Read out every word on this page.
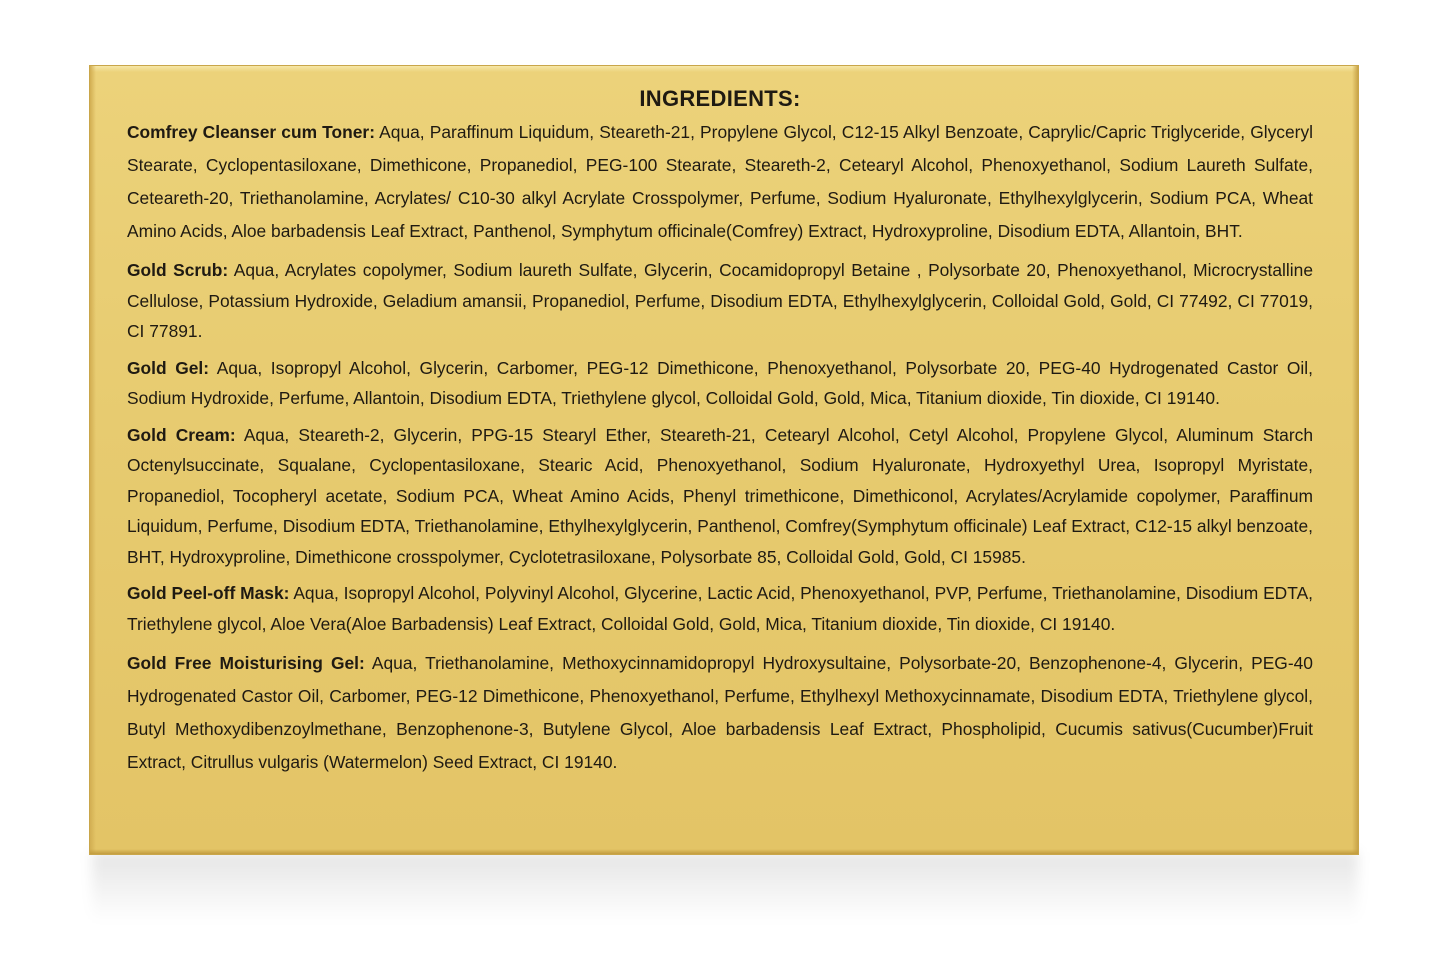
INGREDIENTS:

Comfrey Cleanser cum Toner: Aqua, Paraffinum Liquidum, Steareth-21, Propylene Glycol, C12-15 Alkyl Benzoate, Caprylic/Capric Triglyceride, Glyceryl Stearate, Cyclopentasiloxane, Dimethicone, Propanediol, PEG-100 Stearate, Steareth-2, Cetearyl Alcohol, Phenoxyethanol, Sodium Laureth Sulfate, Ceteareth-20, Triethanolamine, Acrylates/ C10-30 alkyl Acrylate Crosspolymer, Perfume, Sodium Hyaluronate, Ethylhexylglycerin, Sodium PCA, Wheat Amino Acids, Aloe barbadensis Leaf Extract, Panthenol, Symphytum officinale(Comfrey) Extract, Hydroxyproline, Disodium EDTA, Allantoin, BHT.

Gold Scrub: Aqua, Acrylates copolymer, Sodium laureth Sulfate, Glycerin, Cocamidopropyl Betaine , Polysorbate 20, Phenoxyethanol, Microcrystalline Cellulose, Potassium Hydroxide, Geladium amansii, Propanediol, Perfume, Disodium EDTA, Ethylhexylglycerin, Colloidal Gold, Gold, CI 77492, CI 77019, CI 77891.

Gold Gel: Aqua, Isopropyl Alcohol, Glycerin, Carbomer, PEG-12 Dimethicone, Phenoxyethanol, Polysorbate 20, PEG-40 Hydrogenated Castor Oil, Sodium Hydroxide, Perfume, Allantoin, Disodium EDTA, Triethylene glycol, Colloidal Gold, Gold, Mica, Titanium dioxide, Tin dioxide, CI 19140.

Gold Cream: Aqua, Steareth-2, Glycerin, PPG-15 Stearyl Ether, Steareth-21, Cetearyl Alcohol, Cetyl Alcohol, Propylene Glycol, Aluminum Starch Octenylsuccinate, Squalane, Cyclopentasiloxane, Stearic Acid, Phenoxyethanol, Sodium Hyaluronate, Hydroxyethyl Urea, Isopropyl Myristate, Propanediol, Tocopheryl acetate, Sodium PCA, Wheat Amino Acids, Phenyl trimethicone, Dimethiconol, Acrylates/Acrylamide copolymer, Paraffinum Liquidum, Perfume, Disodium EDTA, Triethanolamine, Ethylhexylglycerin, Panthenol, Comfrey(Symphytum officinale) Leaf Extract, C12-15 alkyl benzoate, BHT, Hydroxyproline, Dimethicone crosspolymer, Cyclotetrasiloxane, Polysorbate 85, Colloidal Gold, Gold, CI 15985.

Gold Peel-off Mask: Aqua, Isopropyl Alcohol, Polyvinyl Alcohol, Glycerine, Lactic Acid, Phenoxyethanol, PVP, Perfume, Triethanolamine, Disodium EDTA, Triethylene glycol, Aloe Vera(Aloe Barbadensis) Leaf Extract, Colloidal Gold, Gold, Mica, Titanium dioxide, Tin dioxide, CI 19140.

Gold Free Moisturising Gel: Aqua, Triethanolamine, Methoxycinnamidopropyl Hydroxysultaine, Polysorbate-20, Benzophenone-4, Glycerin, PEG-40 Hydrogenated Castor Oil, Carbomer, PEG-12 Dimethicone, Phenoxyethanol, Perfume, Ethylhexyl Methoxycinnamate, Disodium EDTA, Triethylene glycol, Butyl Methoxydibenzoylmethane, Benzophenone-3, Butylene Glycol, Aloe barbadensis Leaf Extract, Phospholipid, Cucumis sativus(Cucumber)Fruit Extract, Citrullus vulgaris (Watermelon) Seed Extract, CI 19140.
